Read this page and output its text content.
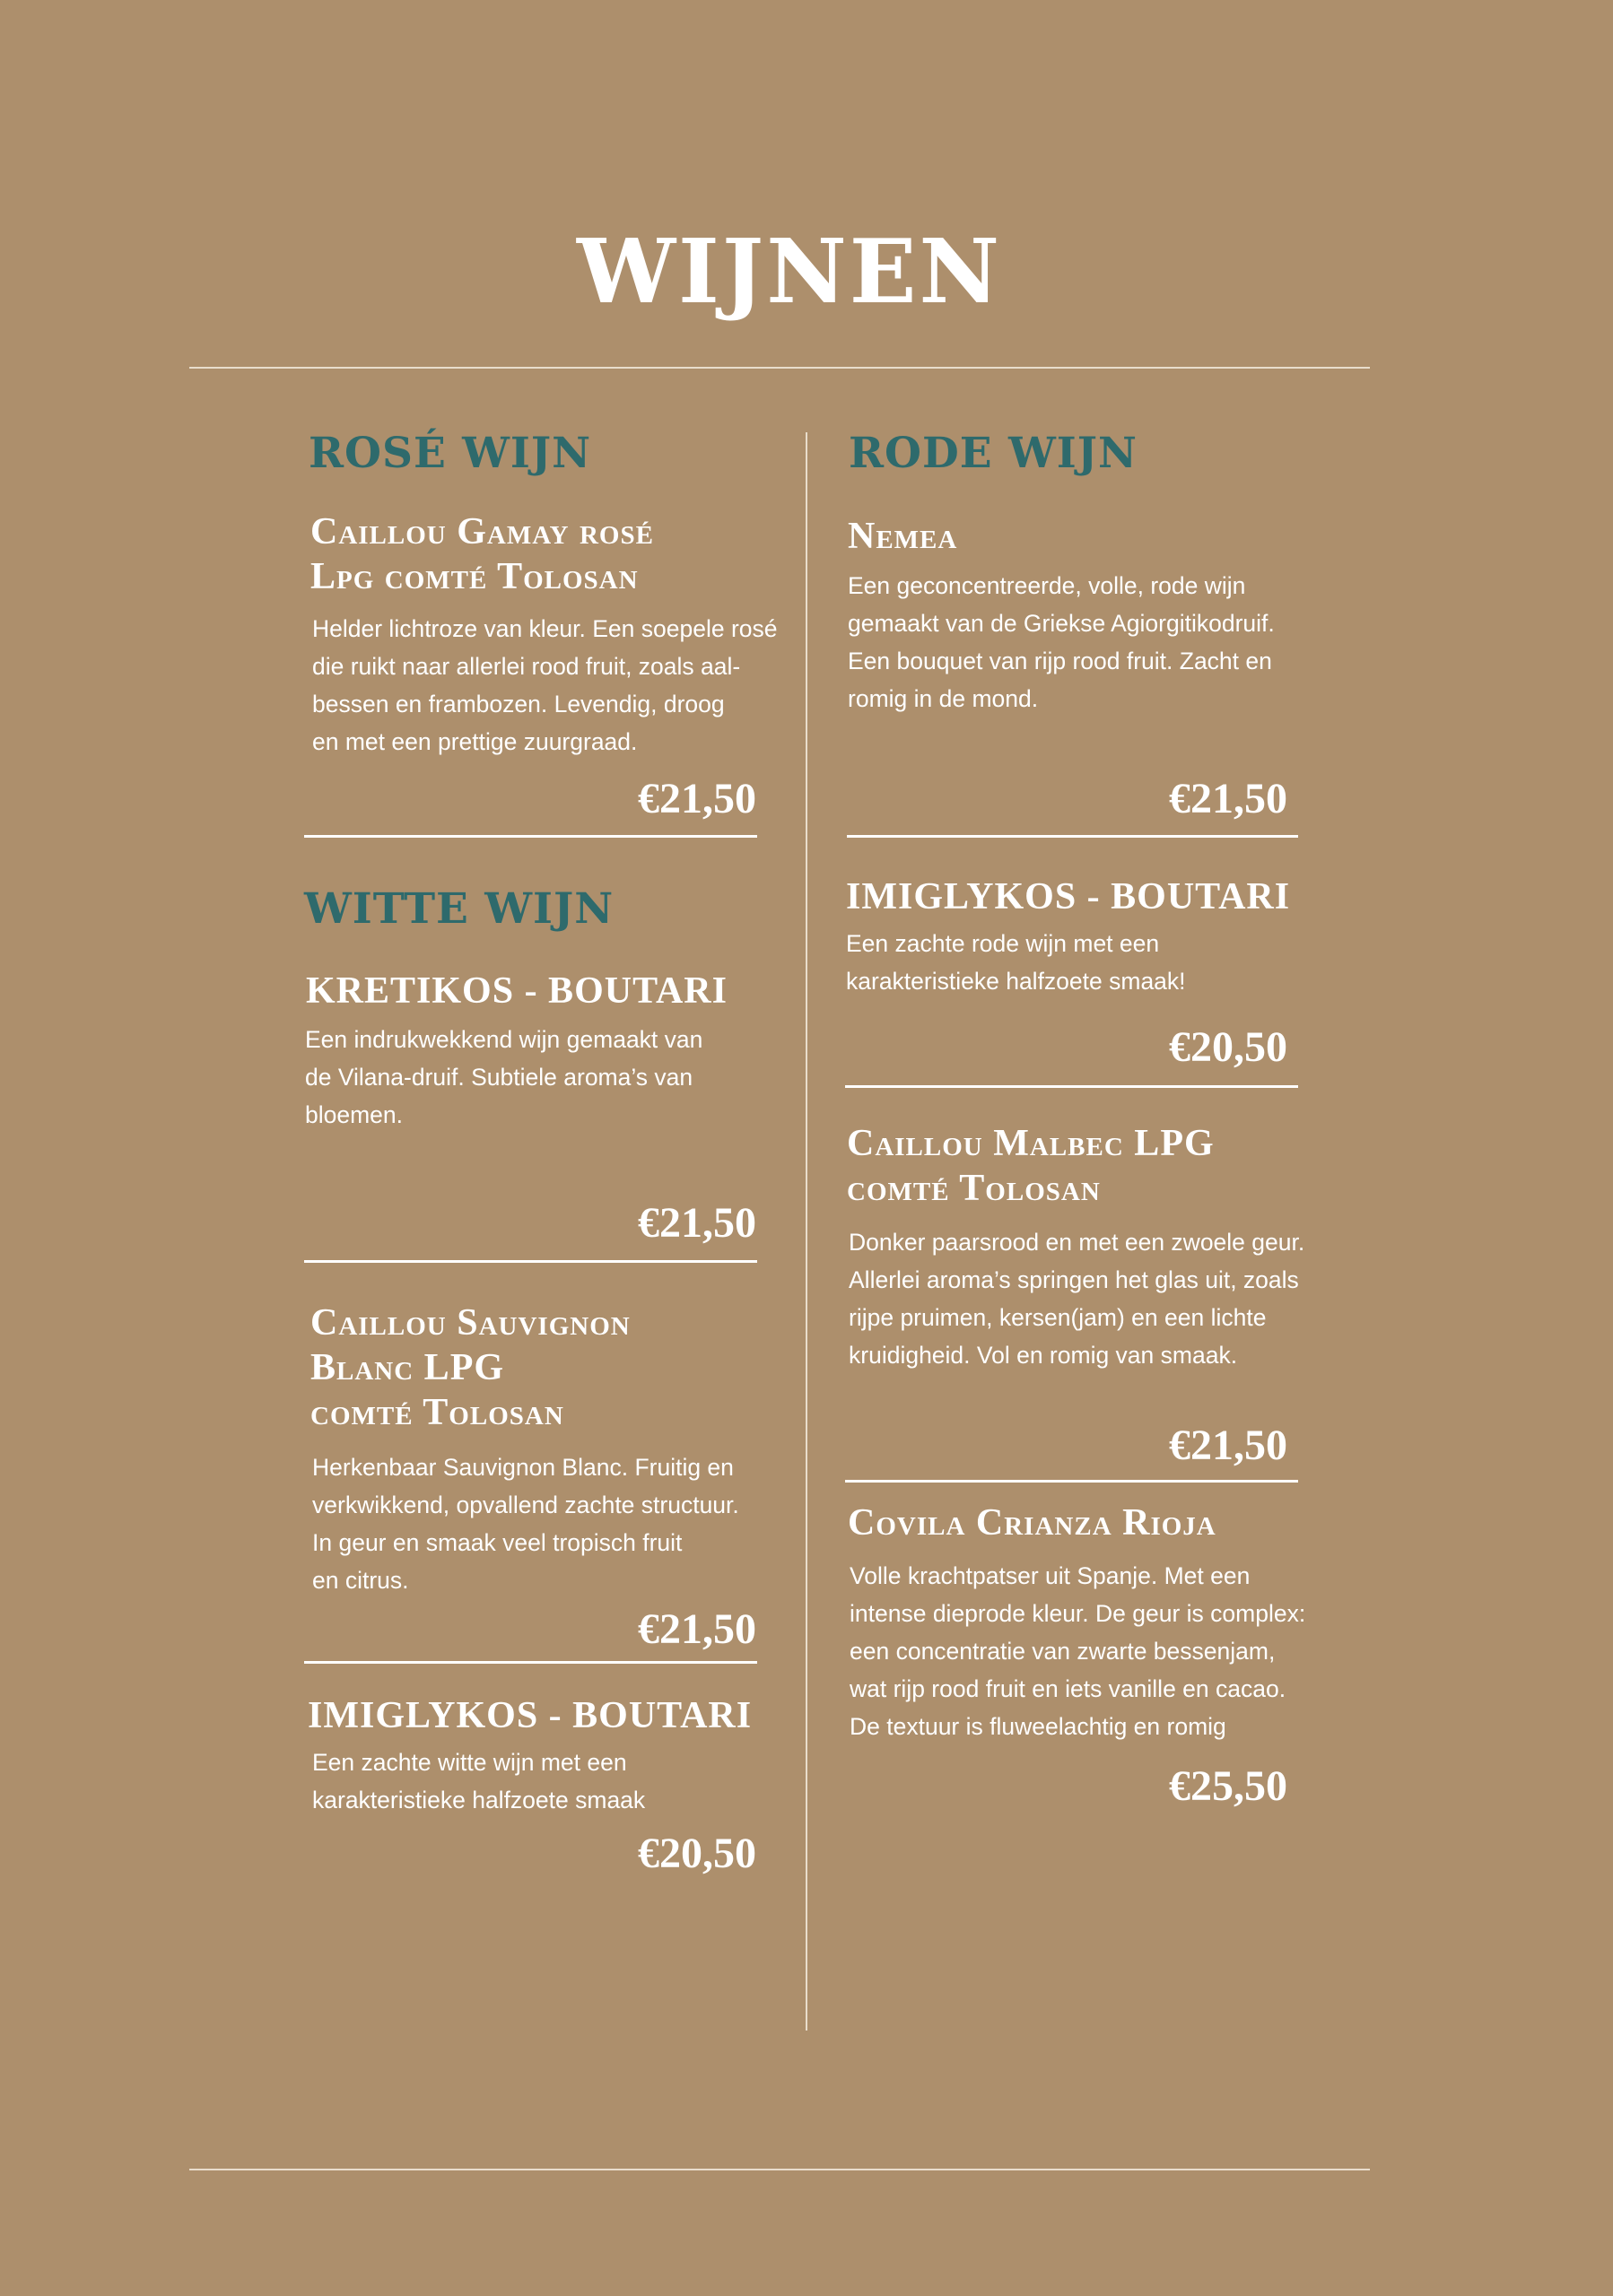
WIJNEN
ROSÉ WIJN
Caillou Gamay rosé
Lpg comté Tolosan
Helder lichtroze van kleur. Een soepele rosé
die ruikt naar allerlei rood fruit, zoals aal-
bessen en frambozen. Levendig, droog
en met een prettige zuurgraad.
€21,50
WITTE WIJN
KRETIKOS - BOUTARI
Een indrukwekkend wijn gemaakt van
de Vilana-druif. Subtiele aroma’s van
bloemen.
€21,50
Caillou Sauvignon
Blanc LPG
comté Tolosan
Herkenbaar Sauvignon Blanc. Fruitig en
verkwikkend, opvallend zachte structuur.
In geur en smaak veel tropisch fruit
en citrus.
€21,50
IMIGLYKOS - BOUTARI
Een zachte witte wijn met een
karakteristieke halfzoete smaak
€20,50
RODE WIJN
Nemea
Een geconcentreerde, volle, rode wijn
gemaakt van de Griekse Agiorgitikodruif.
Een bouquet van rijp rood fruit. Zacht en
romig in de mond.
€21,50
IMIGLYKOS - BOUTARI
Een zachte rode wijn met een
karakteristieke halfzoete smaak!
€20,50
Caillou Malbec LPG
comté Tolosan
Donker paarsrood en met een zwoele geur.
Allerlei aroma’s springen het glas uit, zoals
rijpe pruimen, kersen(jam) en een lichte
kruidigheid. Vol en romig van smaak.
€21,50
Covila Crianza Rioja
Volle krachtpatser uit Spanje. Met een
intense dieprode kleur. De geur is complex:
een concentratie van zwarte bessenjam,
wat rijp rood fruit en iets vanille en cacao.
De textuur is fluweelachtig en romig
€25,50
